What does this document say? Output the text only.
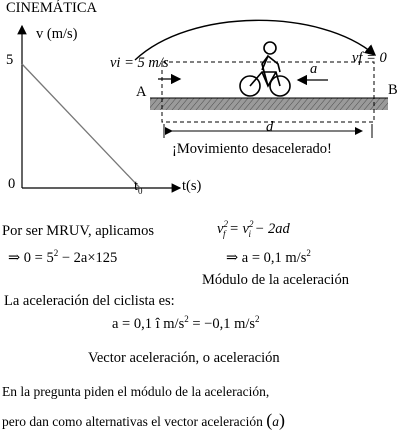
CINEMÁTICA
v (m/s)
5
0	$t_0$	t(s)
vi = 5 m/s	vf = 0
a
A	B
d
¡Movimiento desacelerado!
Por ser MRUV, aplicamos	$v^2_f = v^2_i - 2ad$
⇒ $0 = 5^2 - 2a\times 125$	⇒ a = 0,1 $m/s^2$
Módulo de la aceleración
La aceleración del ciclista es:
a = 0,1 î $m/s^2 = -0,1$ $m/s^2$
Vector aceleración, o aceleración
En la pregunta piden el módulo de la aceleración,
pero dan como alternativas el vector aceleración (a)
